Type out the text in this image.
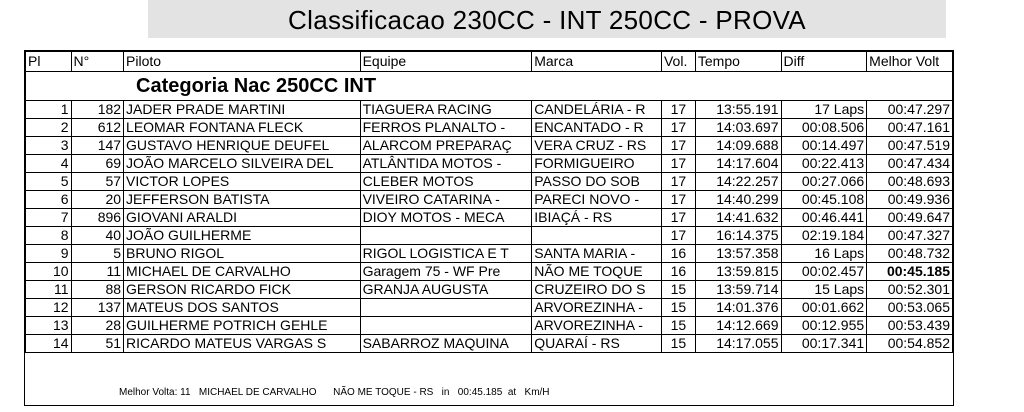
Classificacao 230CC - INT 250CC - PROVA
Pl	N°	Piloto	Equipe	Marca	Vol.	Tempo	Diff	Melhor Volt
Categoria Nac 250CC INT								
1	182	JADER PRADE MARTINI	TIAGUERA RACING	CANDELÁRIA - R	17	13:55.191	17 Laps	00:47.297
2	612	LEOMAR FONTANA FLECK	FERROS PLANALTO -	ENCANTADO - R	17	14:03.697	00:08.506	00:47.161
3	147	GUSTAVO HENRIQUE DEUFEL	ALARCOM PREPARAÇ	VERA CRUZ - RS	17	14:09.688	00:14.497	00:47.519
4	69	JOÃO MARCELO SILVEIRA DEL	ATLÂNTIDA MOTOS -	FORMIGUEIRO	17	14:17.604	00:22.413	00:47.434
5	57	VICTOR LOPES	CLEBER MOTOS	PASSO DO SOB	17	14:22.257	00:27.066	00:48.693
6	20	JEFFERSON BATISTA	VIVEIRO CATARINA -	PARECI NOVO -	17	14:40.299	00:45.108	00:49.936
7	896	GIOVANI ARALDI	DIOY MOTOS - MECA	IBIAÇÁ - RS	17	14:41.632	00:46.441	00:49.647
8	40	JOÃO GUILHERME			17	16:14.375	02:19.184	00:47.327
9	5	BRUNO RIGOL	RIGOL LOGISTICA E T	SANTA MARIA -	16	13:57.358	16 Laps	00:48.732
10	11	MICHAEL DE CARVALHO	Garagem 75 - WF Pre	NÃO ME TOQUE	16	13:59.815	00:02.457	00:45.185
11	88	GERSON RICARDO FICK	GRANJA AUGUSTA	CRUZEIRO DO S	15	13:59.714	15 Laps	00:52.301
12	137	MATEUS DOS SANTOS		ARVOREZINHA -	15	14:01.376	00:01.662	00:53.065
13	28	GUILHERME POTRICH GEHLE		ARVOREZINHA -	15	14:12.669	00:12.955	00:53.439
14	51	RICARDO MATEUS VARGAS S	SABARROZ MAQUINA	QUARAÍ - RS	15	14:17.055	00:17.341	00:54.852
Melhor Volta: 11   MICHAEL DE CARVALHO      NÃO ME TOQUE - RS   in   00:45.185  at   Km/H
